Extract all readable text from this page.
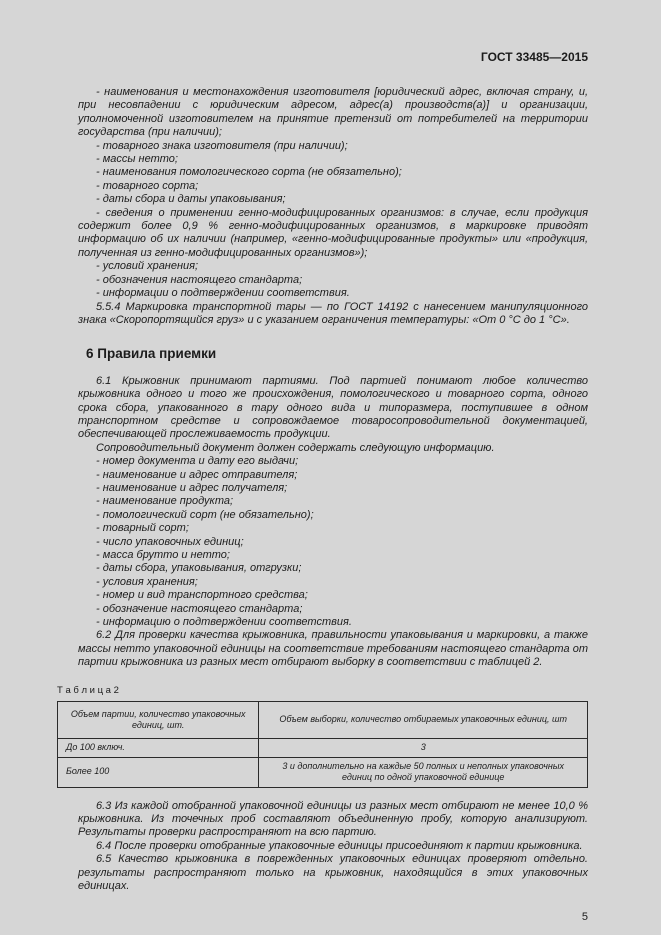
ГОСТ 33485—2015

- наименования и местонахождения изготовителя [юридический адрес, включая страну, и, при несовпадении с юридическим адресом, адрес(а) производств(а)] и организации, уполномоченной изготовителем на принятие претензий от потребителей на территории государства (при наличии);

- товарного знака изготовителя (при наличии);

- массы нетто;

- наименования помологического сорта (не обязательно);

- товарного сорта;

- даты сбора и даты упаковывания;

- сведения о применении генно-модифицированных организмов: в случае, если продукция содержит более 0,9 % генно-модифицированных организмов, в маркировке приводят информацию об их наличии (например, «генно-модифицированные продукты» или «продукция, полученная из генно-модифицированных организмов»);

- условий хранения;

- обозначения настоящего стандарта;

- информации о подтверждении соответствия.

5.5.4 Маркировка транспортной тары — по ГОСТ 14192 с нанесением манипуляционного знака «Скоропортящийся груз» и с указанием ограничения температуры: «От 0 °С до 1 °С».

6 Правила приемки

6.1 Крыжовник принимают партиями. Под партией понимают любое количество крыжовника одного и того же происхождения, помологического и товарного сорта, одного срока сбора, упакованного в тару одного вида и типоразмера, поступившее в одном транспортном средстве и сопровождаемое товаросопроводительной документацией, обеспечивающей прослеживаемость продукции.

Сопроводительный документ должен содержать следующую информацию.

- номер документа и дату его выдачи;

- наименование и адрес отправителя;

- наименование и адрес получателя;

- наименование продукта;

- помологический сорт (не обязательно);

- товарный сорт;

- число упаковочных единиц;

- масса брутто и нетто;

- даты сбора, упаковывания, отгрузки;

- условия хранения;

- номер и вид транспортного средства;

- обозначение настоящего стандарта;

- информацию о подтверждении соответствия.

6.2 Для проверки качества крыжовника, правильности упаковывания и маркировки, а также массы нетто упаковочной единицы на соответствие требованиям настоящего стандарта от партии крыжовника из разных мест отбирают выборку в соответствии с таблицей 2.

Т а б л и ц а 2

Объем партии, количество упаковочных единиц, шт.	Объем выборки, количество отбираемых упаковочных единиц, шт
До 100 включ.	3
Более 100	3 и дополнительно на каждые 50 полных и неполных упаковочных единиц по одной упаковочной единице

6.3 Из каждой отобранной упаковочной единицы из разных мест отбирают не менее 10,0 % крыжовника. Из точечных проб составляют объединенную пробу, которую анализируют. Результаты проверки распространяют на всю партию.

6.4 После проверки отобранные упаковочные единицы присоединяют к партии крыжовника.

6.5 Качество крыжовника в поврежденных упаковочных единицах проверяют отдельно. результаты распространяют только на крыжовник, находящийся в этих упаковочных единицах.

5
